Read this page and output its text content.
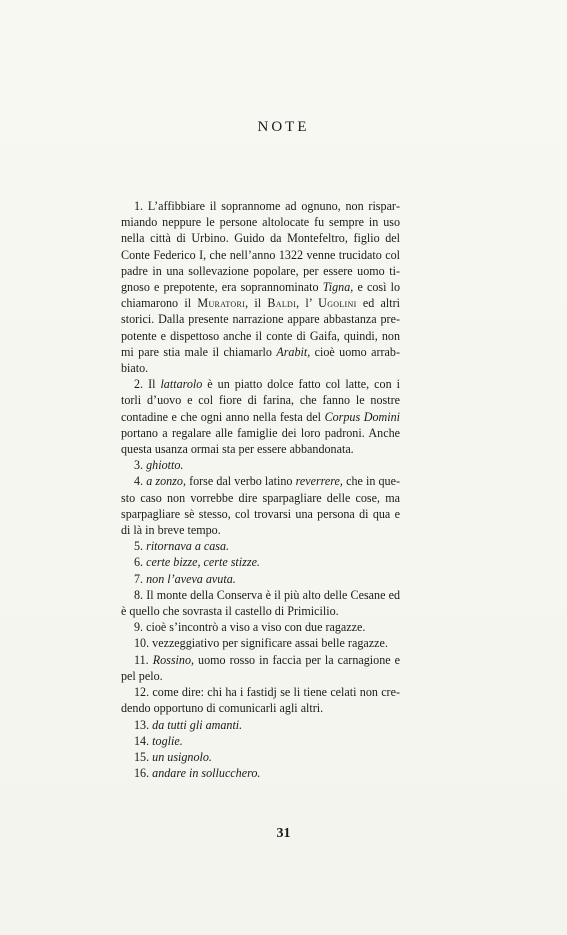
NOTE

1. L’affibbiare il soprannome ad ognuno, non risparmiando neppure le persone altolocate fu sempre in uso nella città di Urbino. Guido da Montefeltro, figlio del Conte Federico I, che nell’anno 1322 venne trucidato col padre in una sollevazione popolare, per essere uomo tignoso e prepotente, era soprannominato Tigna, e così lo chiamarono il Muratori, il Baldi, l’ Ugolini ed altri storici. Dalla presente narrazione appare abbastanza prepotente e dispettoso anche il conte di Gaifa, quindi, non mi pare stia male il chiamarlo Arabit, cioè uomo arrabbiato.

2. Il lattarolo è un piatto dolce fatto col latte, con i torli d’uovo e col fiore di farina, che fanno le nostre contadine e che ogni anno nella festa del Corpus Domini portano a regalare alle famiglie dei loro padroni. Anche questa usanza ormai sta per essere abbandonata.

3. ghiotto.

4. a zonzo, forse dal verbo latino reverrere, che in questo caso non vorrebbe dire sparpagliare delle cose, ma sparpagliare sè stesso, col trovarsi una persona di qua e di là in breve tempo.

5. ritornava a casa.

6. certe bizze, certe stizze.

7. non l’aveva avuta.

8. Il monte della Conserva è il più alto delle Cesane ed è quello che sovrasta il castello di Primicilio.

9. cioè s’incontrò a viso a viso con due ragazze.

10. vezzeggiativo per significare assai belle ragazze.

11. Rossino, uomo rosso in faccia per la carnagione e pel pelo.

12. come dire: chi ha i fastidj se li tiene celati non credendo opportuno di comunicarli agli altri.

13. da tutti gli amanti.

14. toglie.

15. un usignolo.

16. andare in sollucchero.

31
